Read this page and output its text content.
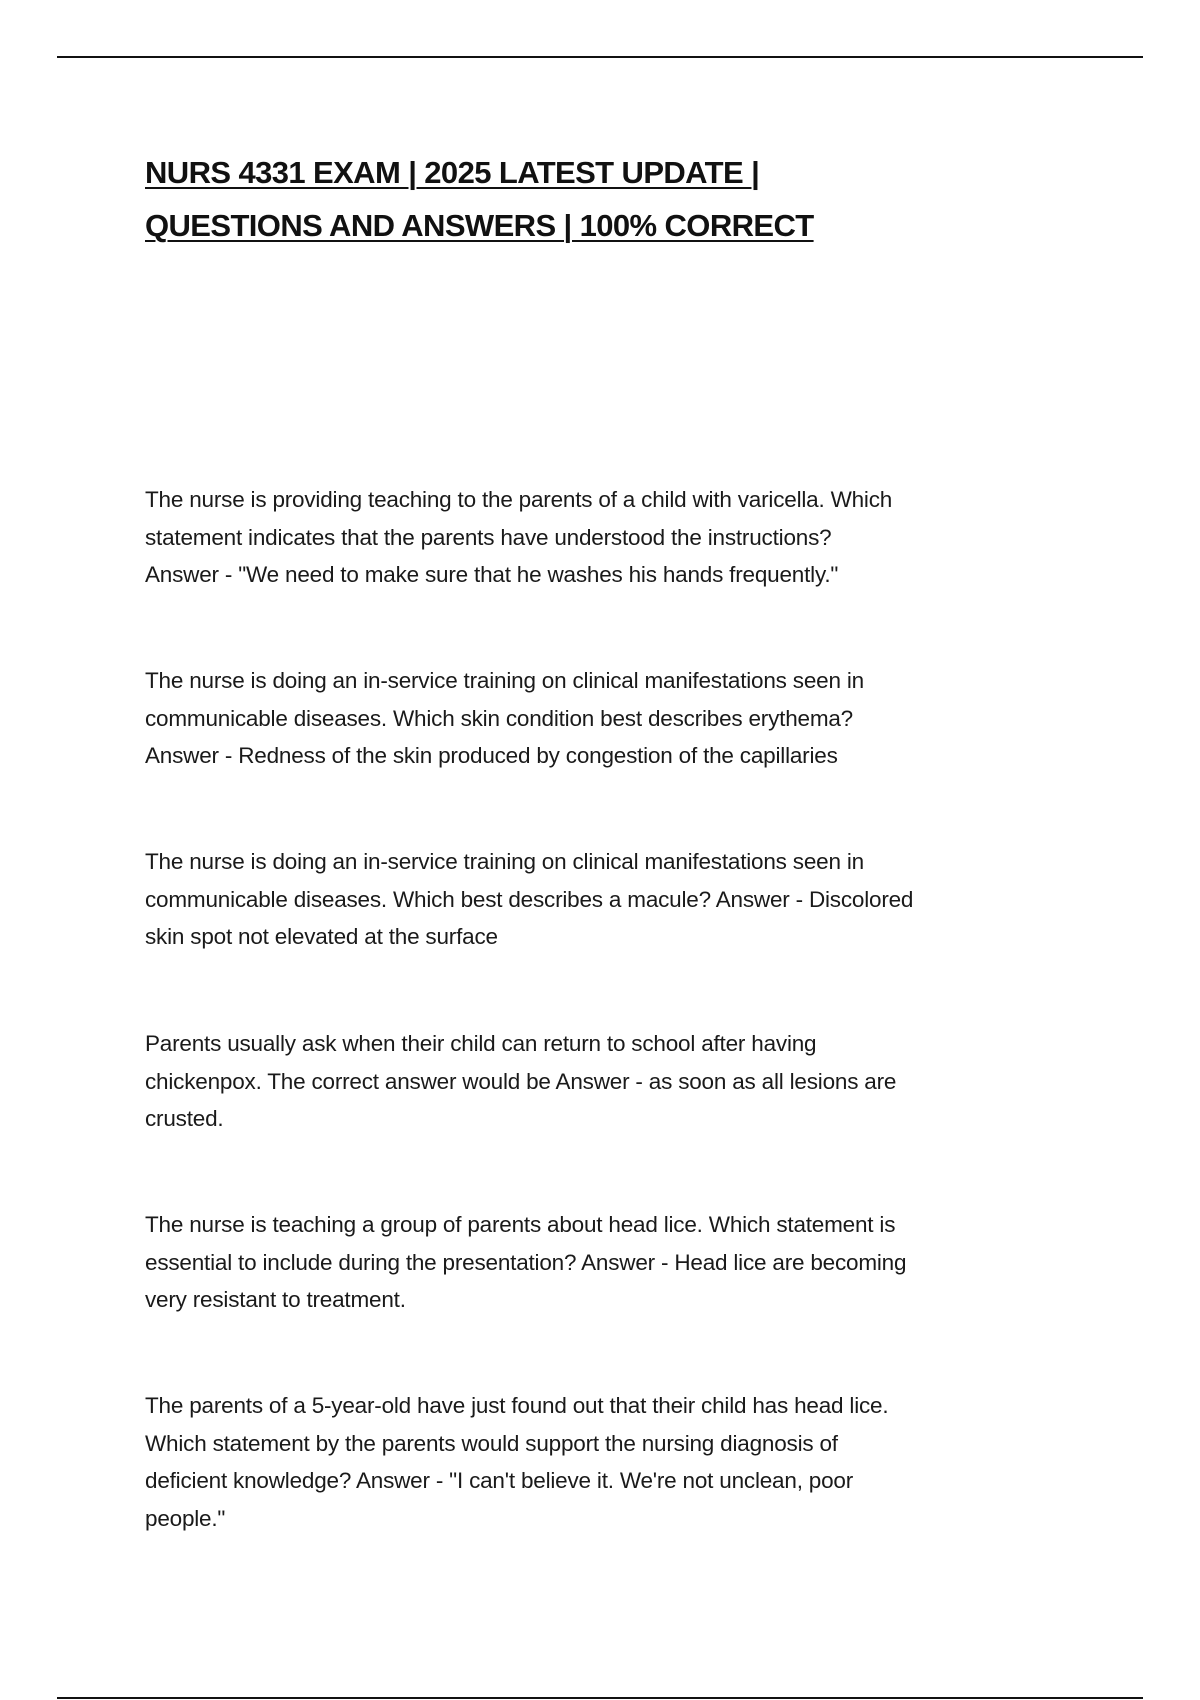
NURS 4331 EXAM | 2025 LATEST UPDATE |
QUESTIONS AND ANSWERS | 100% CORRECT

The nurse is providing teaching to the parents of a child with varicella. Which

statement indicates that the parents have understood the instructions?

Answer - "We need to make sure that he washes his hands frequently."

The nurse is doing an in-service training on clinical manifestations seen in

communicable diseases. Which skin condition best describes erythema?

Answer - Redness of the skin produced by congestion of the capillaries

The nurse is doing an in-service training on clinical manifestations seen in

communicable diseases. Which best describes a macule? Answer - Discolored

skin spot not elevated at the surface

Parents usually ask when their child can return to school after having

chickenpox. The correct answer would be Answer - as soon as all lesions are

crusted.

The nurse is teaching a group of parents about head lice. Which statement is

essential to include during the presentation? Answer - Head lice are becoming

very resistant to treatment.

The parents of a 5-year-old have just found out that their child has head lice.

Which statement by the parents would support the nursing diagnosis of

deficient knowledge? Answer - "I can't believe it. We're not unclean, poor

people."
